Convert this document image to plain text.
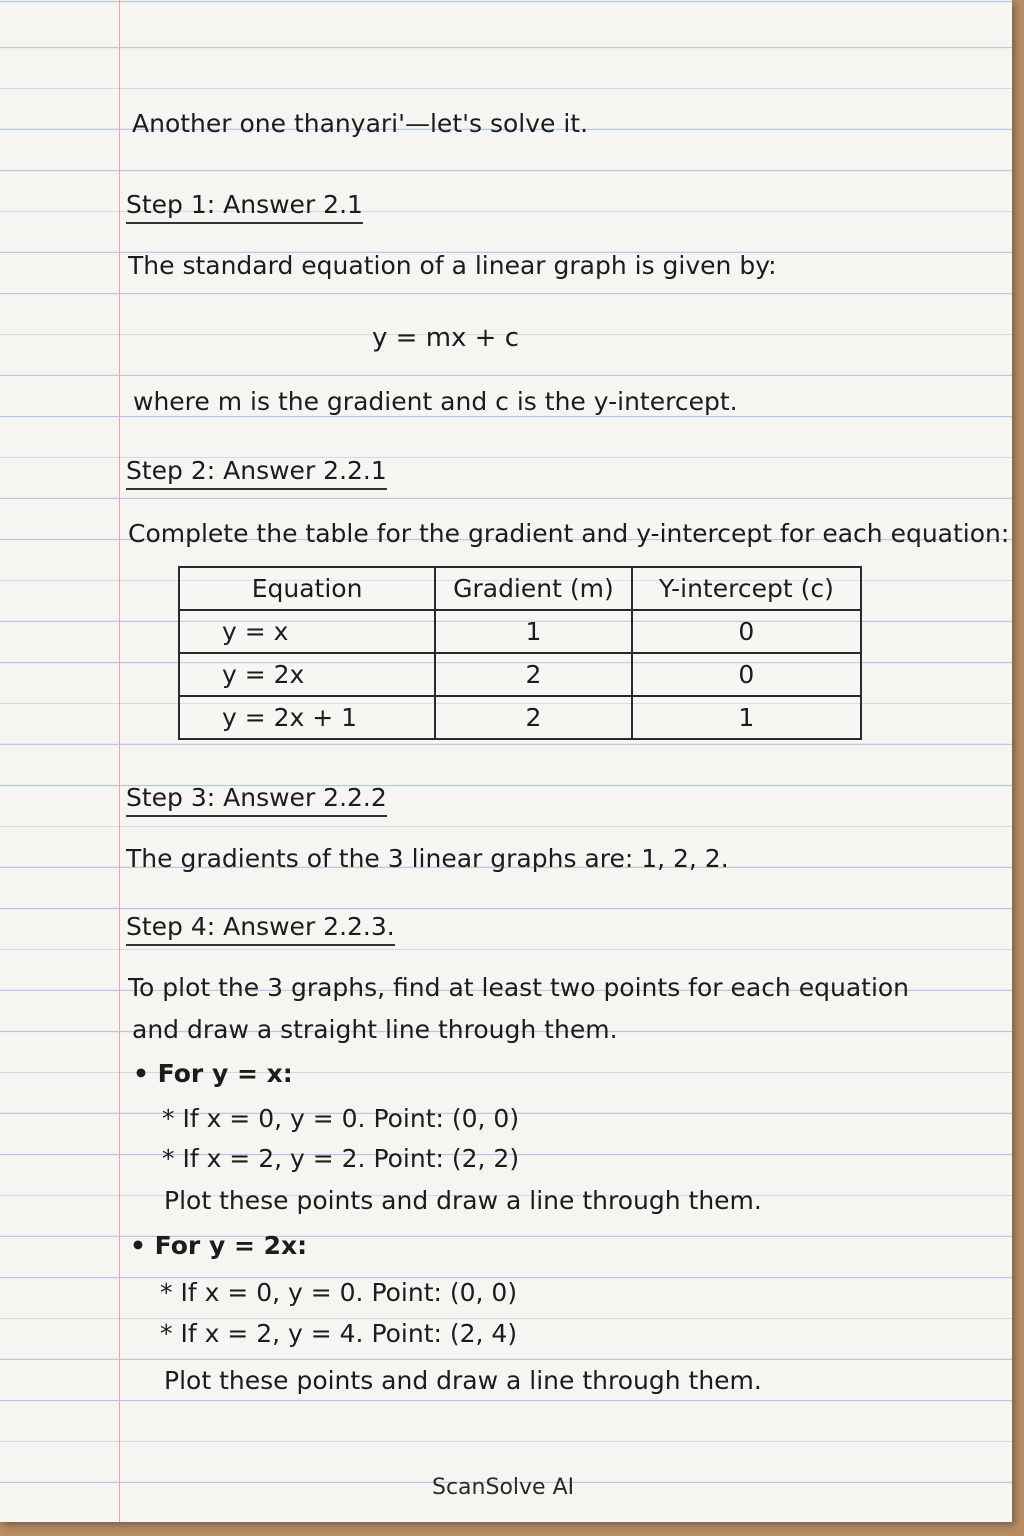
Another one thanyari'—let's solve it.

Step 1: Answer 2.1

The standard equation of a linear graph is given by:

y = mx + c

where m is the gradient and c is the y-intercept.

Step 2: Answer 2.2.1

Complete the table for the gradient and y-intercept for each equation:

Equation	Gradient (m)	Y-intercept (c)
y = x	1	0
y = 2x	2	0
y = 2x + 1	2	1

Step 3: Answer 2.2.2

The gradients of the 3 linear graphs are: 1, 2, 2.

Step 4: Answer 2.2.3.

To plot the 3 graphs, find at least two points for each equation

and draw a straight line through them.

• For y = x:

* If x = 0, y = 0. Point: (0, 0)

* If x = 2, y = 2. Point: (2, 2)

Plot these points and draw a line through them.

• For y = 2x:

* If x = 0, y = 0. Point: (0, 0)

* If x = 2, y = 4. Point: (2, 4)

Plot these points and draw a line through them.

ScanSolve AI
